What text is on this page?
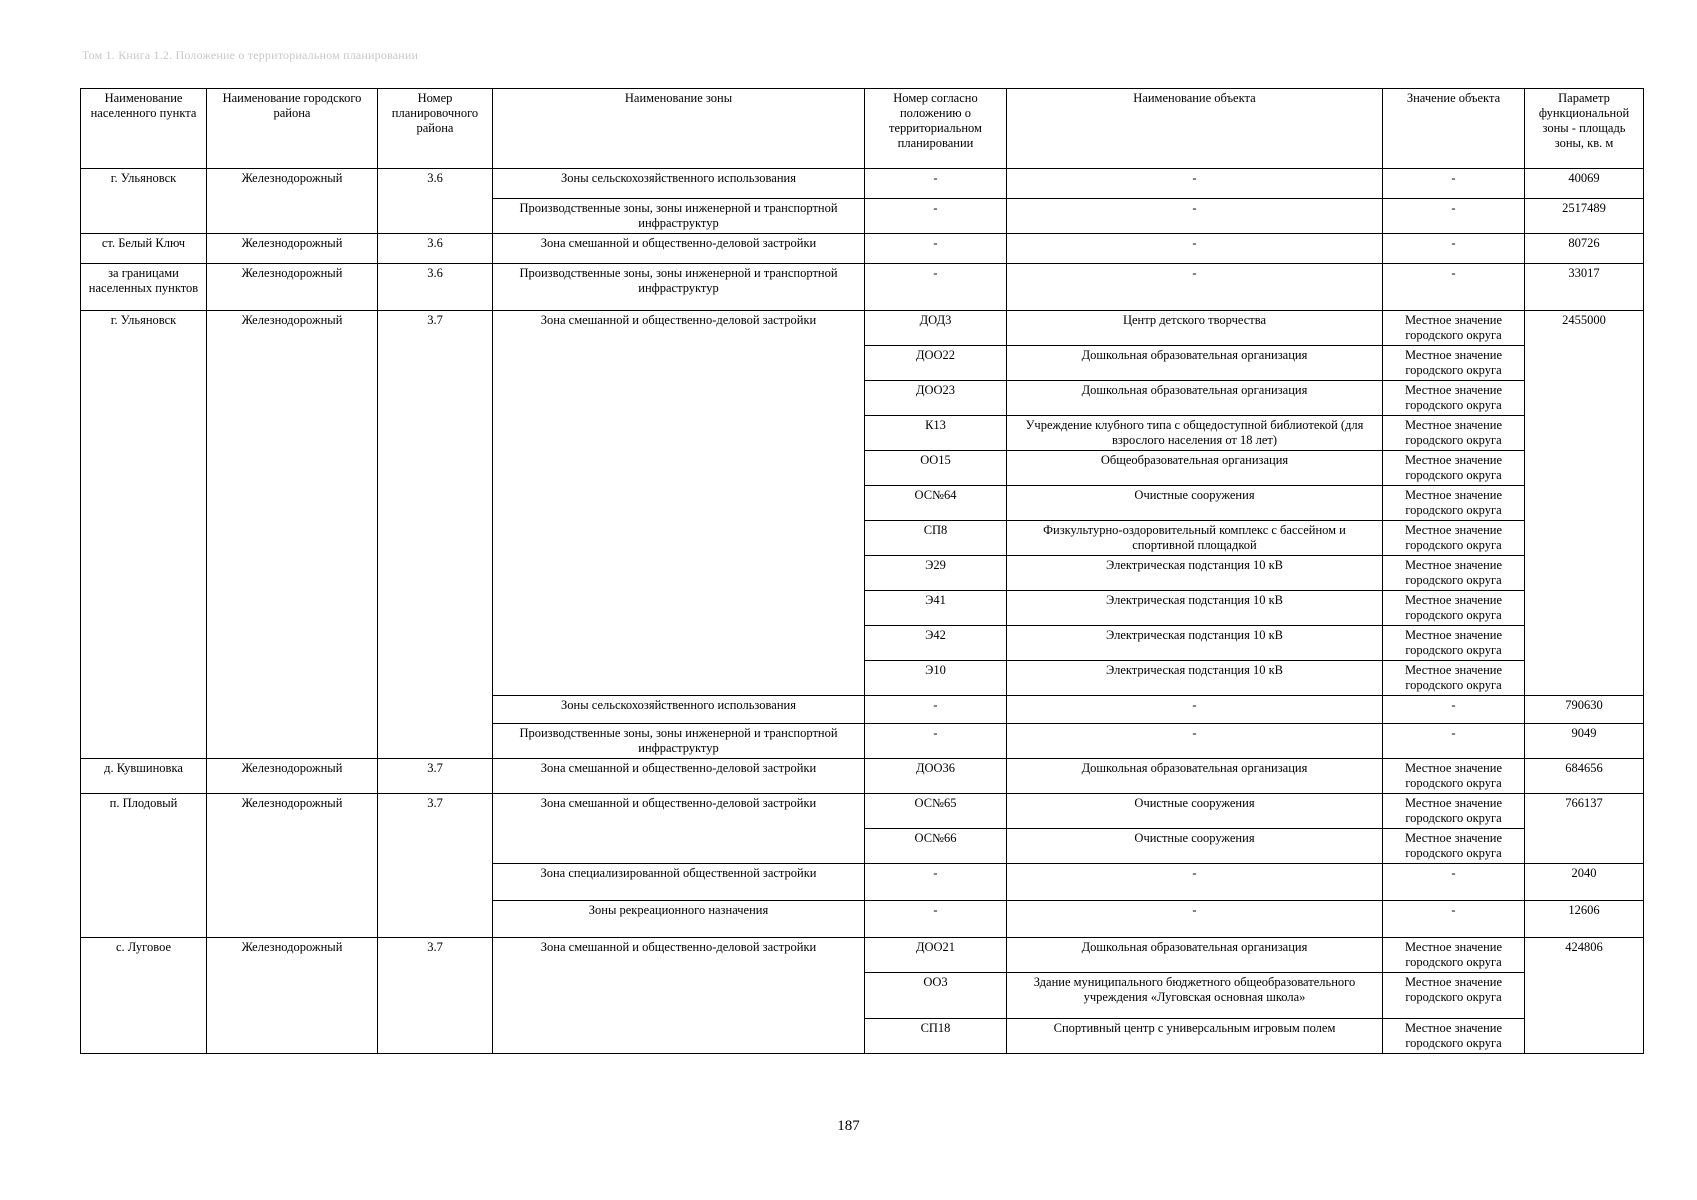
Том 1. Книга 1.2. Положение о территориальном планировании
Наименование населенного пункта	Наименование городского района	Номер планировочного района	Наименование зоны	Номер согласно положению о территориальном планировании	Наименование объекта	Значение объекта	Параметр функциональной зоны - площадь зоны, кв. м
г. Ульяновск	Железнодорожный	3.6	Зоны сельскохозяйственного использования	-	-	-	40069
			Производственные зоны, зоны инженерной и транспортной инфраструктур	-	-	-	2517489
ст. Белый Ключ	Железнодорожный	3.6	Зона смешанной и общественно-деловой застройки	-	-	-	80726
за границами населенных пунктов	Железнодорожный	3.6	Производственные зоны, зоны инженерной и транспортной инфраструктур	-	-	-	33017
г. Ульяновск	Железнодорожный	3.7	Зона смешанной и общественно-деловой застройки	ДОД3	Центр детского творчества	Местное значение городского округа	2455000
				ДОО22	Дошкольная образовательная организация	Местное значение городского округа	
				ДОО23	Дошкольная образовательная организация	Местное значение городского округа	
				К13	Учреждение клубного типа с общедоступной библиотекой (для взрослого населения от 18 лет)	Местное значение городского округа	
				ОО15	Общеобразовательная организация	Местное значение городского округа	
				ОС№64	Очистные сооружения	Местное значение городского округа	
				СП8	Физкультурно-оздоровительный комплекс с бассейном и спортивной площадкой	Местное значение городского округа	
				Э29	Электрическая подстанция 10 кВ	Местное значение городского округа	
				Э41	Электрическая подстанция 10 кВ	Местное значение городского округа	
				Э42	Электрическая подстанция 10 кВ	Местное значение городского округа	
				Э10	Электрическая подстанция 10 кВ	Местное значение городского округа	
			Зоны сельскохозяйственного использования	-	-	-	790630
			Производственные зоны, зоны инженерной и транспортной инфраструктур	-	-	-	9049
д. Кувшиновка	Железнодорожный	3.7	Зона смешанной и общественно-деловой застройки	ДОО36	Дошкольная образовательная организация	Местное значение городского округа	684656
п. Плодовый	Железнодорожный	3.7	Зона смешанной и общественно-деловой застройки	ОС№65	Очистные сооружения	Местное значение городского округа	766137
				ОС№66	Очистные сооружения	Местное значение городского округа	
			Зона специализированной общественной застройки	-	-	-	2040
			Зоны рекреационного назначения	-	-	-	12606
с. Луговое	Железнодорожный	3.7	Зона смешанной и общественно-деловой застройки	ДОО21	Дошкольная образовательная организация	Местное значение городского округа	424806
				ОО3	Здание муниципального бюджетного общеобразовательного учреждения «Луговская основная школа»	Местное значение городского округа	
				СП18	Спортивный центр с универсальным игровым полем	Местное значение городского округа	
187
